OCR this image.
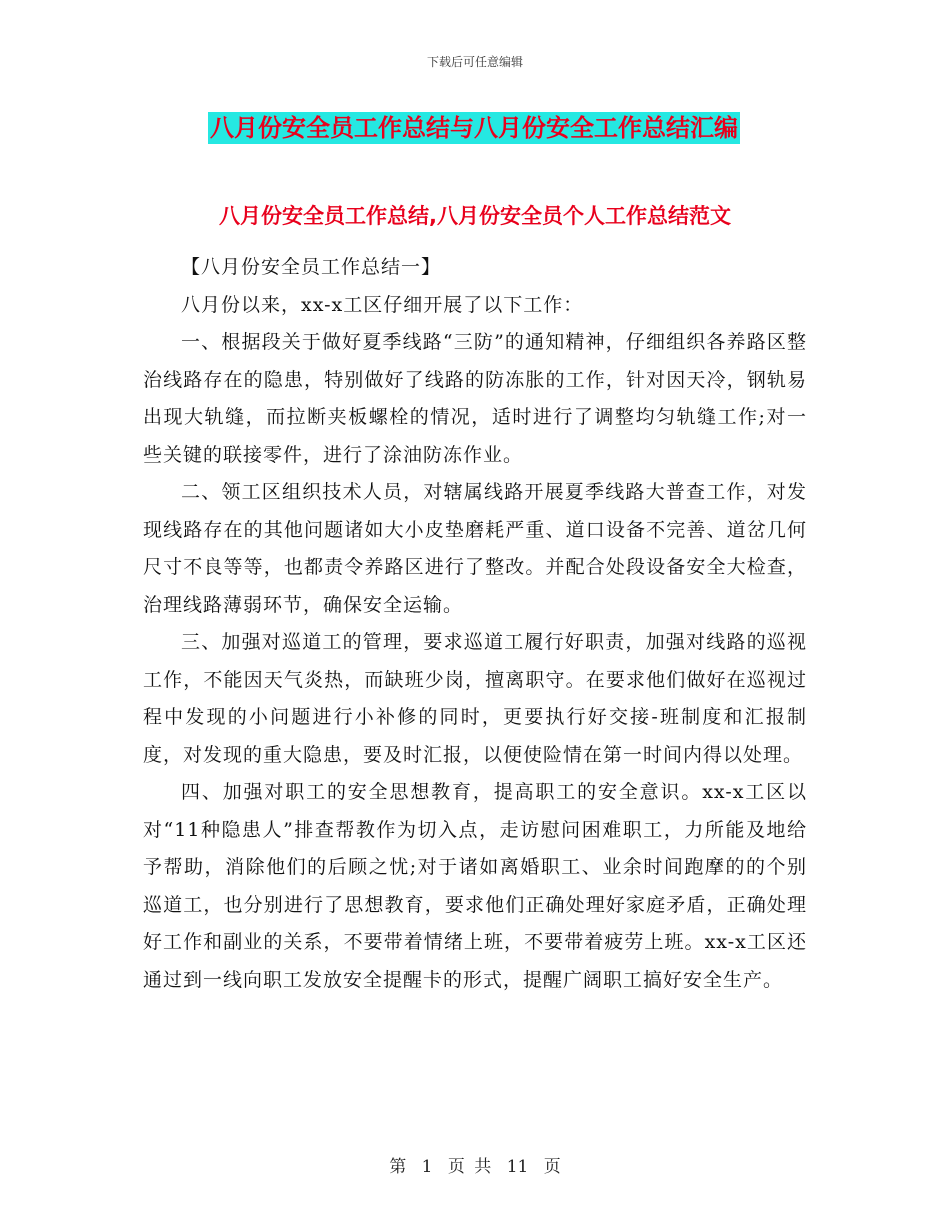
下载后可任意编辑
八月份安全员工作总结与八月份安全工作总结汇编
八月份安全员工作总结,八月份安全员个人工作总结范文

【八月份安全员工作总结一】

八月份以来，xx-x工区仔细开展了以下工作：

一、根据段关于做好夏季线路“三防”的通知精神，仔细组织各养路区整治线路存在的隐患，特别做好了线路的防冻胀的工作，针对因天冷，钢轨易出现大轨缝，而拉断夹板螺栓的情况，适时进行了调整均匀轨缝工作;对一些关键的联接零件，进行了涂油防冻作业。

二、领工区组织技术人员，对辖属线路开展夏季线路大普查工作，对发现线路存在的其他问题诸如大小皮垫磨耗严重、道口设备不完善、道岔几何尺寸不良等等，也都责令养路区进行了整改。并配合处段设备安全大检查，治理线路薄弱环节，确保安全运输。

三、加强对巡道工的管理，要求巡道工履行好职责，加强对线路的巡视工作，不能因天气炎热，而缺班少岗，擅离职守。在要求他们做好在巡视过程中发现的小问题进行小补修的同时，更要执行好交接-班制度和汇报制度，对发现的重大隐患，要及时汇报，以便使险情在第一时间内得以处理。

四、加强对职工的安全思想教育，提高职工的安全意识。xx-x工区以对“11种隐患人”排查帮教作为切入点，走访慰问困难职工，力所能及地给予帮助，消除他们的后顾之忧;对于诸如离婚职工、业余时间跑摩的的个别巡道工，也分别进行了思想教育，要求他们正确处理好家庭矛盾，正确处理好工作和副业的关系，不要带着情绪上班，不要带着疲劳上班。xx-x工区还通过到一线向职工发放安全提醒卡的形式，提醒广阔职工搞好安全生产。

第 1 页 共 11 页
